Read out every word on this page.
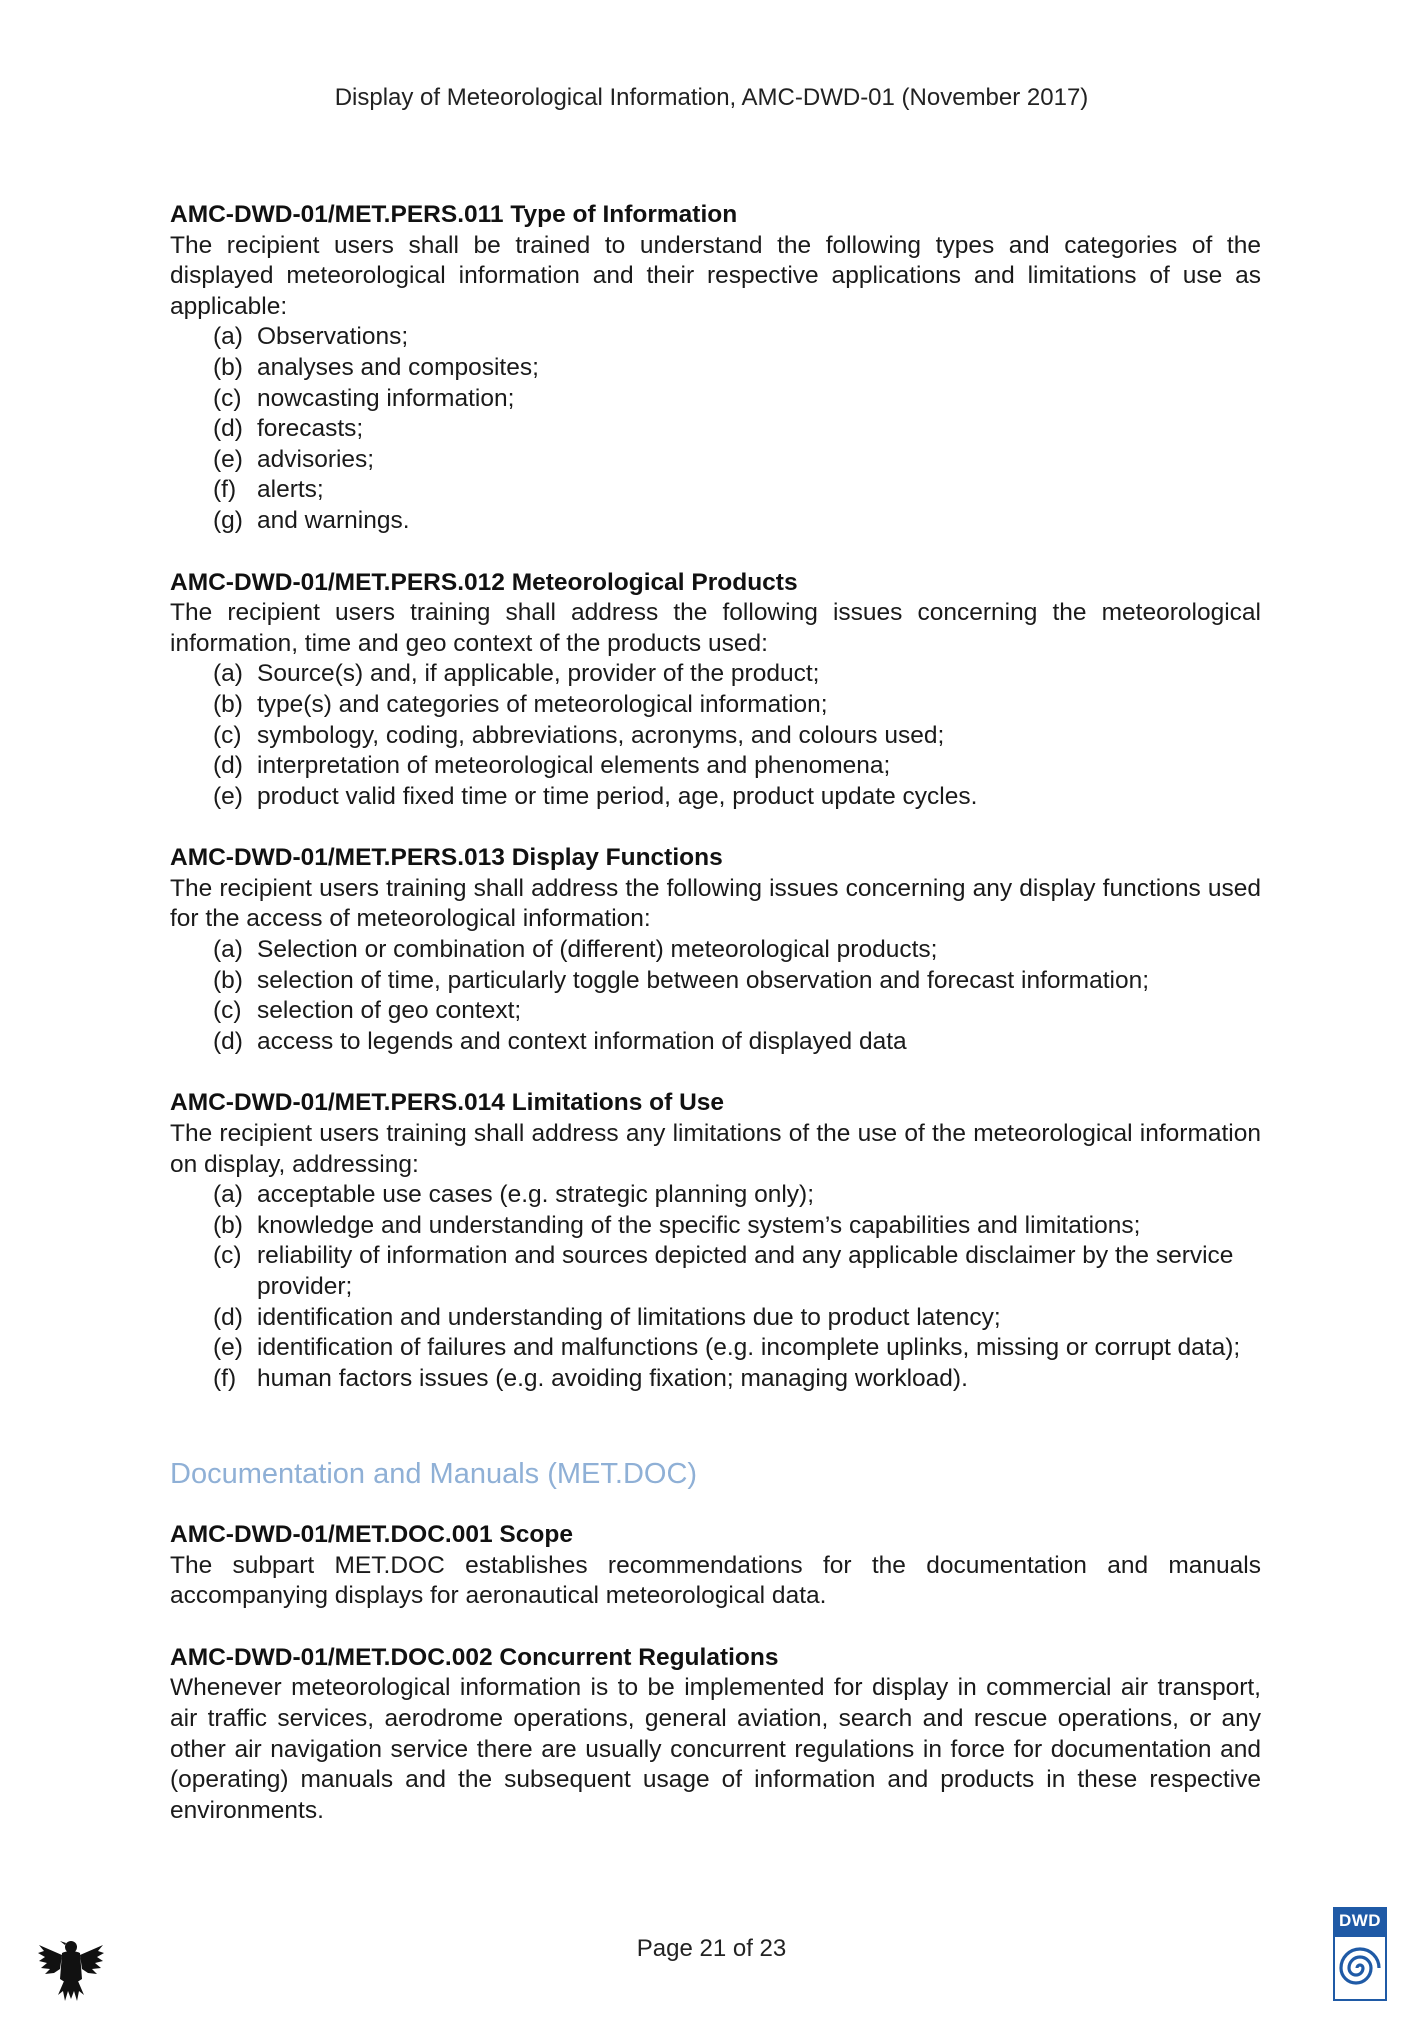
Display of Meteorological Information, AMC-DWD-01 (November 2017)
AMC-DWD-01/MET.PERS.011 Type of Information
The recipient users shall be trained to understand the following types and categories of the displayed meteorological information and their respective applications and limitations of use as applicable:
(a) Observations;
(b) analyses and composites;
(c) nowcasting information;
(d) forecasts;
(e) advisories;
(f) alerts;
(g) and warnings.
AMC-DWD-01/MET.PERS.012 Meteorological Products
The recipient users training shall address the following issues concerning the meteorological information, time and geo context of the products used:
(a) Source(s) and, if applicable, provider of the product;
(b) type(s) and categories of meteorological information;
(c) symbology, coding, abbreviations, acronyms, and colours used;
(d) interpretation of meteorological elements and phenomena;
(e) product valid fixed time or time period, age, product update cycles.
AMC-DWD-01/MET.PERS.013 Display Functions
The recipient users training shall address the following issues concerning any display functions used for the access of meteorological information:
(a) Selection or combination of (different) meteorological products;
(b) selection of time, particularly toggle between observation and forecast information;
(c) selection of geo context;
(d) access to legends and context information of displayed data
AMC-DWD-01/MET.PERS.014 Limitations of Use
The recipient users training shall address any limitations of the use of the meteorological information on display, addressing:
(a) acceptable use cases (e.g. strategic planning only);
(b) knowledge and understanding of the specific system’s capabilities and limitations;
(c) reliability of information and sources depicted and any applicable disclaimer by the service provider;
(d) identification and understanding of limitations due to product latency;
(e) identification of failures and malfunctions (e.g. incomplete uplinks, missing or corrupt data);
(f) human factors issues (e.g. avoiding fixation; managing workload).
Documentation and Manuals (MET.DOC)
AMC-DWD-01/MET.DOC.001 Scope
The subpart MET.DOC establishes recommendations for the documentation and manuals accompanying displays for aeronautical meteorological data.
AMC-DWD-01/MET.DOC.002 Concurrent Regulations
Whenever meteorological information is to be implemented for display in commercial air transport, air traffic services, aerodrome operations, general aviation, search and rescue operations, or any other air navigation service there are usually concurrent regulations in force for documentation and (operating) manuals and the subsequent usage of information and products in these respective environments.
Page 21 of 23
DWD
